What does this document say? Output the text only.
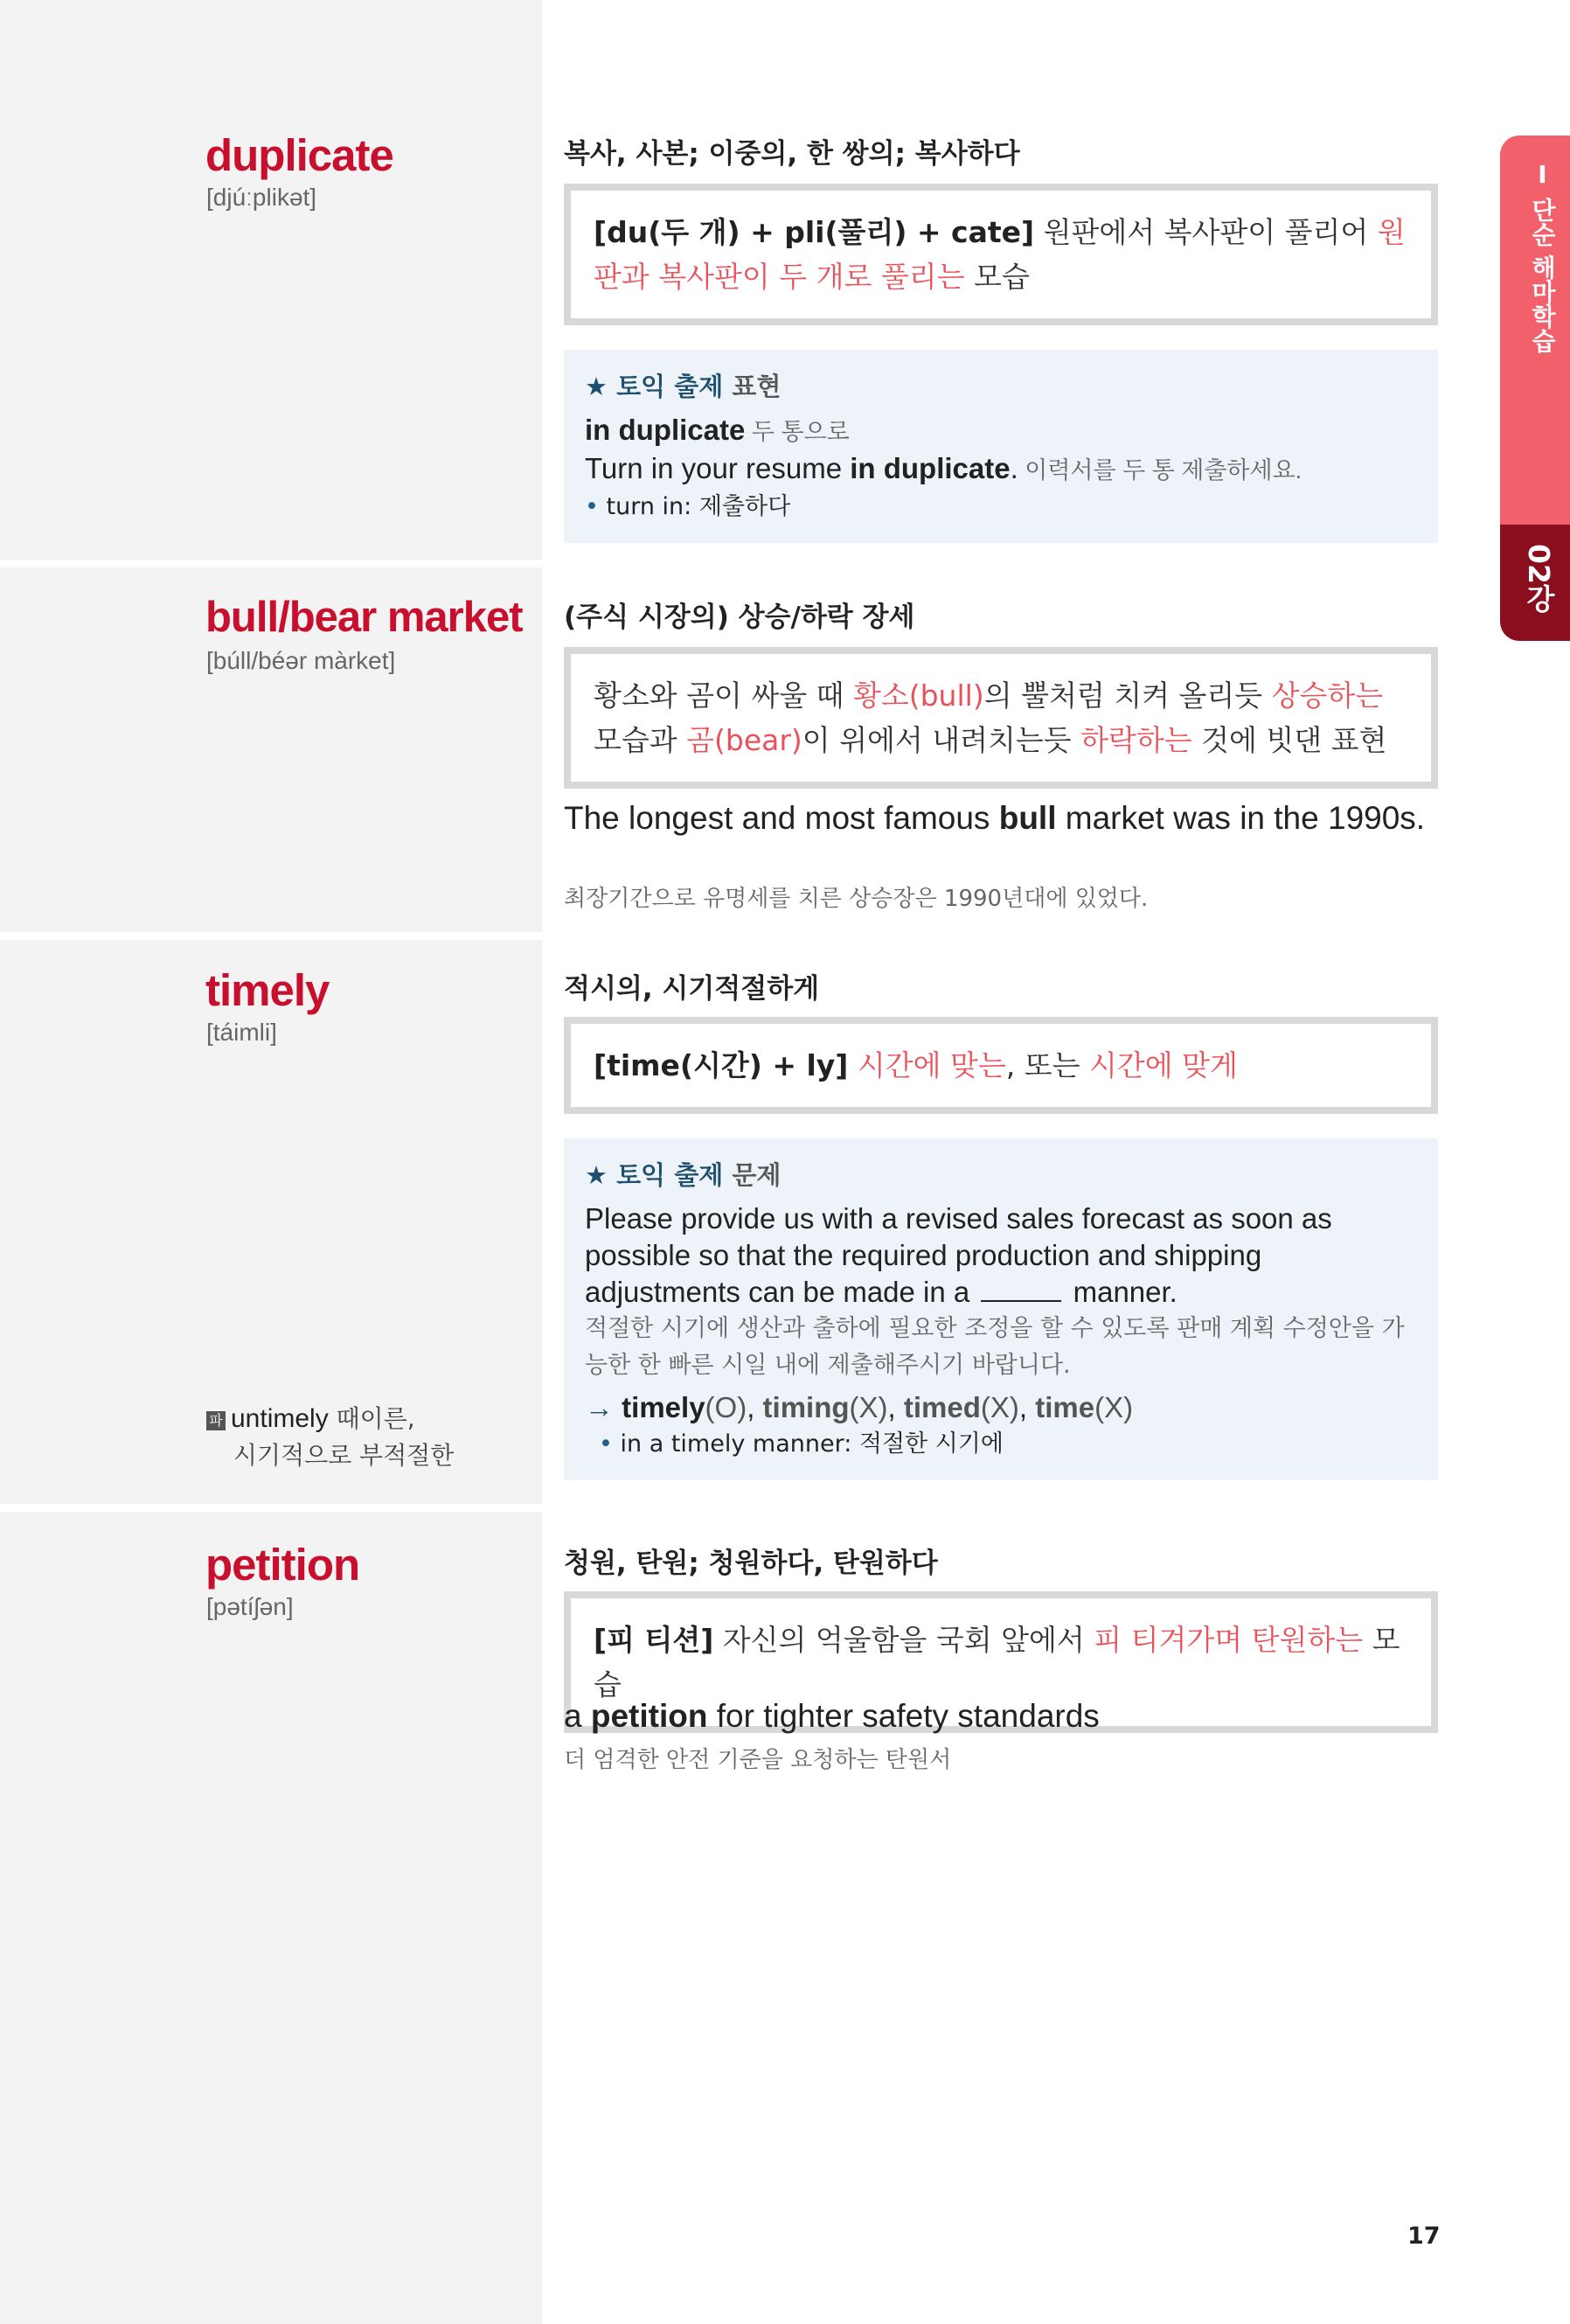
Ⅰ 단순 해마학습
02강
duplicate
[djúːplikət]
복사, 사본; 이중의, 한 쌍의; 복사하다
[du(두 개) + pli(풀리) + cate] 원판에서 복사판이 풀리어 원판과 복사판이 두 개로 풀리는 모습
★ 토익 출제 표현
in duplicate 두 통으로
Turn in your resume in duplicate. 이력서를 두 통 제출하세요.
• turn in: 제출하다
bull/bear market
[búll/béər màrket]
(주식 시장의) 상승/하락 장세
황소와 곰이 싸울 때 황소(bull)의 뿔처럼 치켜 올리듯 상승하는 모습과 곰(bear)이 위에서 내려치는듯 하락하는 것에 빗댄 표현
The longest and most famous bull market was in the 1990s.
최장기간으로 유명세를 치른 상승장은 1990년대에 있었다.
timely
[táimli]
적시의, 시기적절하게
[time(시간) + ly] 시간에 맞는, 또는 시간에 맞게
★ 토익 출제 문제
Please provide us with a revised sales forecast as soon as possible so that the required production and shipping adjustments can be made in a	manner.
적절한 시기에 생산과 출하에 필요한 조정을 할 수 있도록 판매 계획 수정안을 가능한 한 빠른 시일 내에 제출해주시기 바랍니다.
→ timely(O), timing(X), timed(X), time(X)
• in a timely manner: 적절한 시기에
파 untimely 때이른,
시기적으로 부적절한
petition
[pətíʃən]
청원, 탄원; 청원하다, 탄원하다
[피 티션] 자신의 억울함을 국회 앞에서 피 티겨가며 탄원하는 모습
a petition for tighter safety standards
더 엄격한 안전 기준을 요청하는 탄원서
17
